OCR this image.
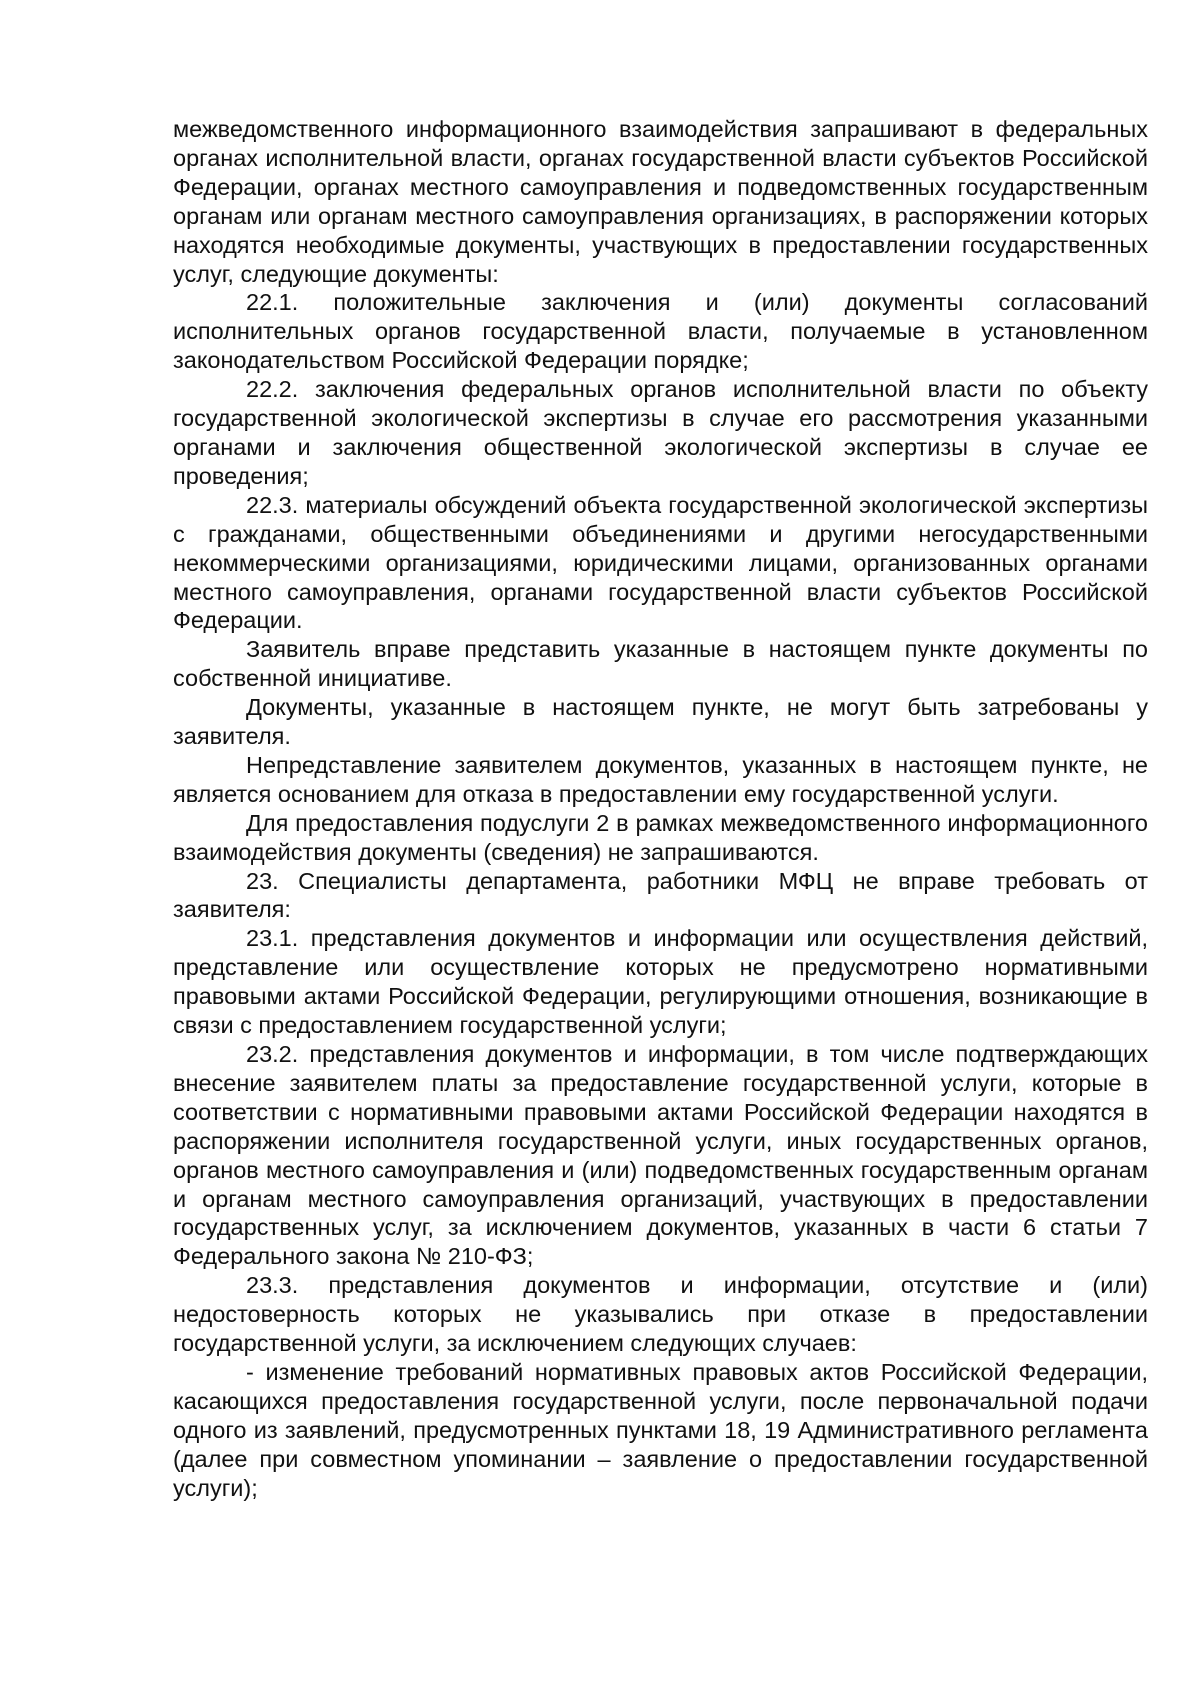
межведомственного информационного взаимодействия запрашивают в федеральных органах исполнительной власти, органах государственной власти субъектов Российской Федерации, органах местного самоуправления и подведомственных государственным органам или органам местного самоуправления организациях, в распоряжении которых находятся необходимые документы, участвующих в предоставлении государственных услуг, следующие документы:

22.1. положительные заключения и (или) документы согласований исполнительных органов государственной власти, получаемые в установленном законодательством Российской Федерации порядке;

22.2. заключения федеральных органов исполнительной власти по объекту государственной экологической экспертизы в случае его рассмотрения указанными органами и заключения общественной экологической экспертизы в случае ее проведения;

22.3. материалы обсуждений объекта государственной экологической экспертизы с гражданами, общественными объединениями и другими негосударственными некоммерческими организациями, юридическими лицами, организованных органами местного самоуправления, органами государственной власти субъектов Российской Федерации.

Заявитель вправе представить указанные в настоящем пункте документы по собственной инициативе.

Документы, указанные в настоящем пункте, не могут быть затребованы у заявителя.

Непредставление заявителем документов, указанных в настоящем пункте, не является основанием для отказа в предоставлении ему государственной услуги.

Для предоставления подуслуги 2 в рамках межведомственного информационного взаимодействия документы (сведения) не запрашиваются.

23. Специалисты департамента, работники МФЦ не вправе требовать от заявителя:

23.1. представления документов и информации или осуществления действий, представление или осуществление которых не предусмотрено нормативными правовыми актами Российской Федерации, регулирующими отношения, возникающие в связи с предоставлением государственной услуги;

23.2. представления документов и информации, в том числе подтверждающих внесение заявителем платы за предоставление государственной услуги, которые в соответствии с нормативными правовыми актами Российской Федерации находятся в распоряжении исполнителя государственной услуги, иных государственных органов, органов местного самоуправления и (или) подведомственных государственным органам и органам местного самоуправления организаций, участвующих в предоставлении государственных услуг, за исключением документов, указанных в части 6 статьи 7 Федерального закона № 210-ФЗ;

23.3. представления документов и информации, отсутствие и (или) недостоверность которых не указывались при отказе в предоставлении государственной услуги, за исключением следующих случаев:

- изменение требований нормативных правовых актов Российской Федерации, касающихся предоставления государственной услуги, после первоначальной подачи одного из заявлений, предусмотренных пунктами 18, 19 Административного регламента (далее при совместном упоминании – заявление о предоставлении государственной услуги);
